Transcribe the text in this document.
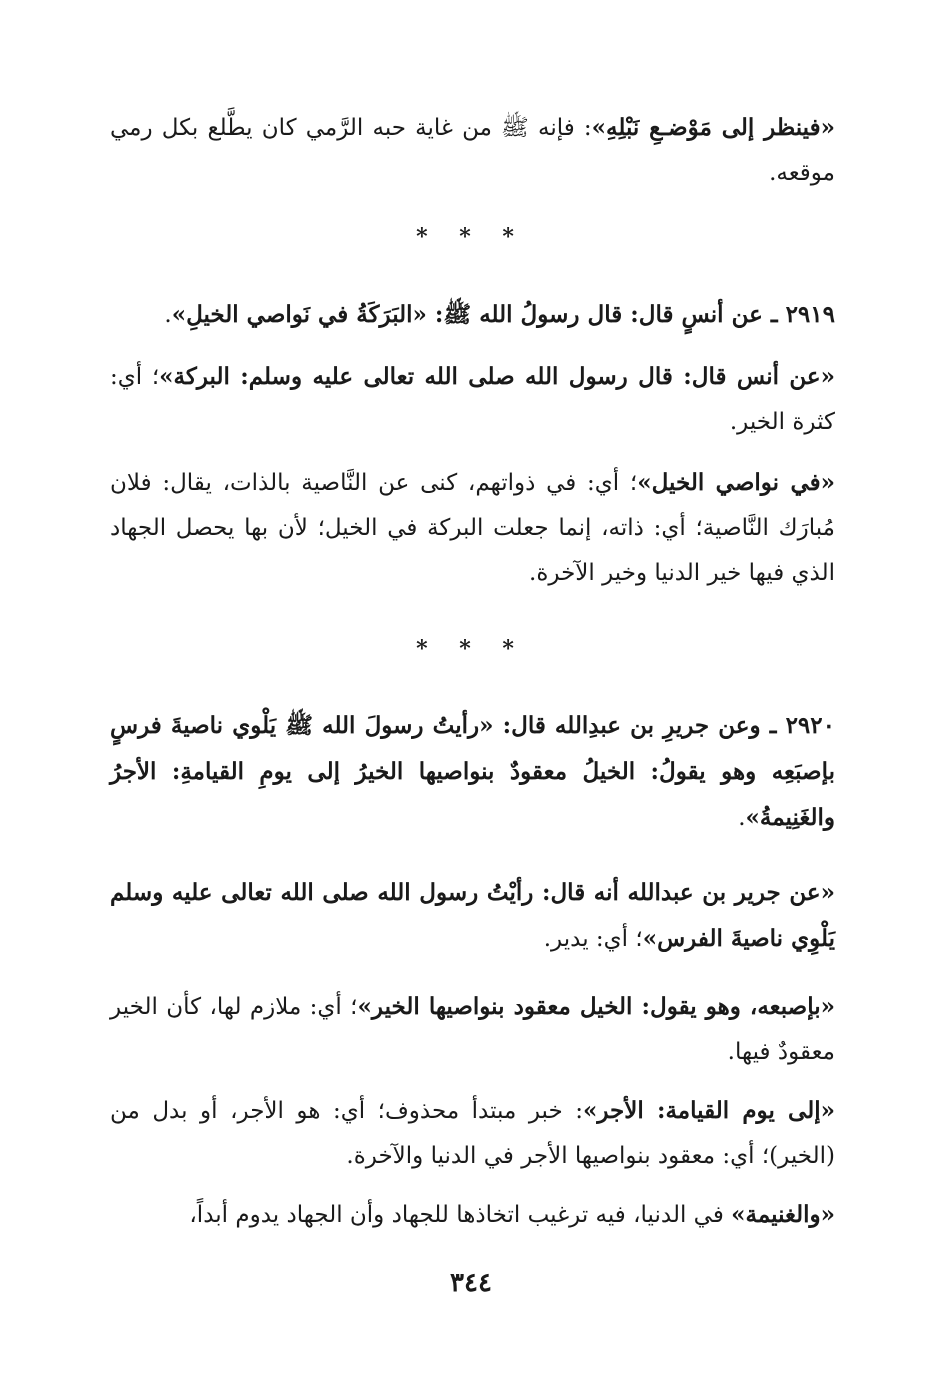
«فينظر إلى مَوْضـعِ نَبْلِهِ»: فإنه ﷺ من غاية حبه الرَّمي كان يطَّلع بكل رمي موقعه.

* * *

٢٩١٩ ـ عن أنسٍ قال: قال رسولُ الله ﷺ: «البَرَكَةُ في نَواصي الخيلِ».

«عن أنس قال: قال رسول الله صلى الله تعالى عليه وسلم: البركة»؛ أي: كثرة الخير.

«في نواصي الخيل»؛ أي: في ذواتهم، كنى عن النَّاصية بالذات، يقال: فلان مُبارَك النَّاصية؛ أي: ذاته، إنما جعلت البركة في الخيل؛ لأن بها يحصل الجهاد الذي فيها خير الدنيا وخير الآخرة.

* * *

٢٩٢٠ ـ وعن جريرِ بن عبدِالله قال: «رأيتُ رسولَ الله ﷺ يَلْوي ناصيةَ فرسٍ بإصبَعِه وهو يقولُ: الخيلُ معقودٌ بنواصيها الخيرُ إلى يومِ القيامةِ: الأجرُ والغَنِيمةُ».

«عن جرير بن عبدالله أنه قال: رأيْتُ رسول الله صلى الله تعالى عليه وسلم يَلْوِي ناصيةَ الفرس»؛ أي: يدير.

«بإصبعه، وهو يقول: الخيل معقود بنواصيها الخير»؛ أي: ملازم لها، كأن الخير معقودٌ فيها.

«إلى يوم القيامة: الأجر»: خبر مبتدأ محذوف؛ أي: هو الأجر، أو بدل من (الخير)؛ أي: معقود بنواصيها الأجر في الدنيا والآخرة.

«والغنيمة» في الدنيا، فيه ترغيب اتخاذها للجهاد وأن الجهاد يدوم أبداً،

٣٤٤
